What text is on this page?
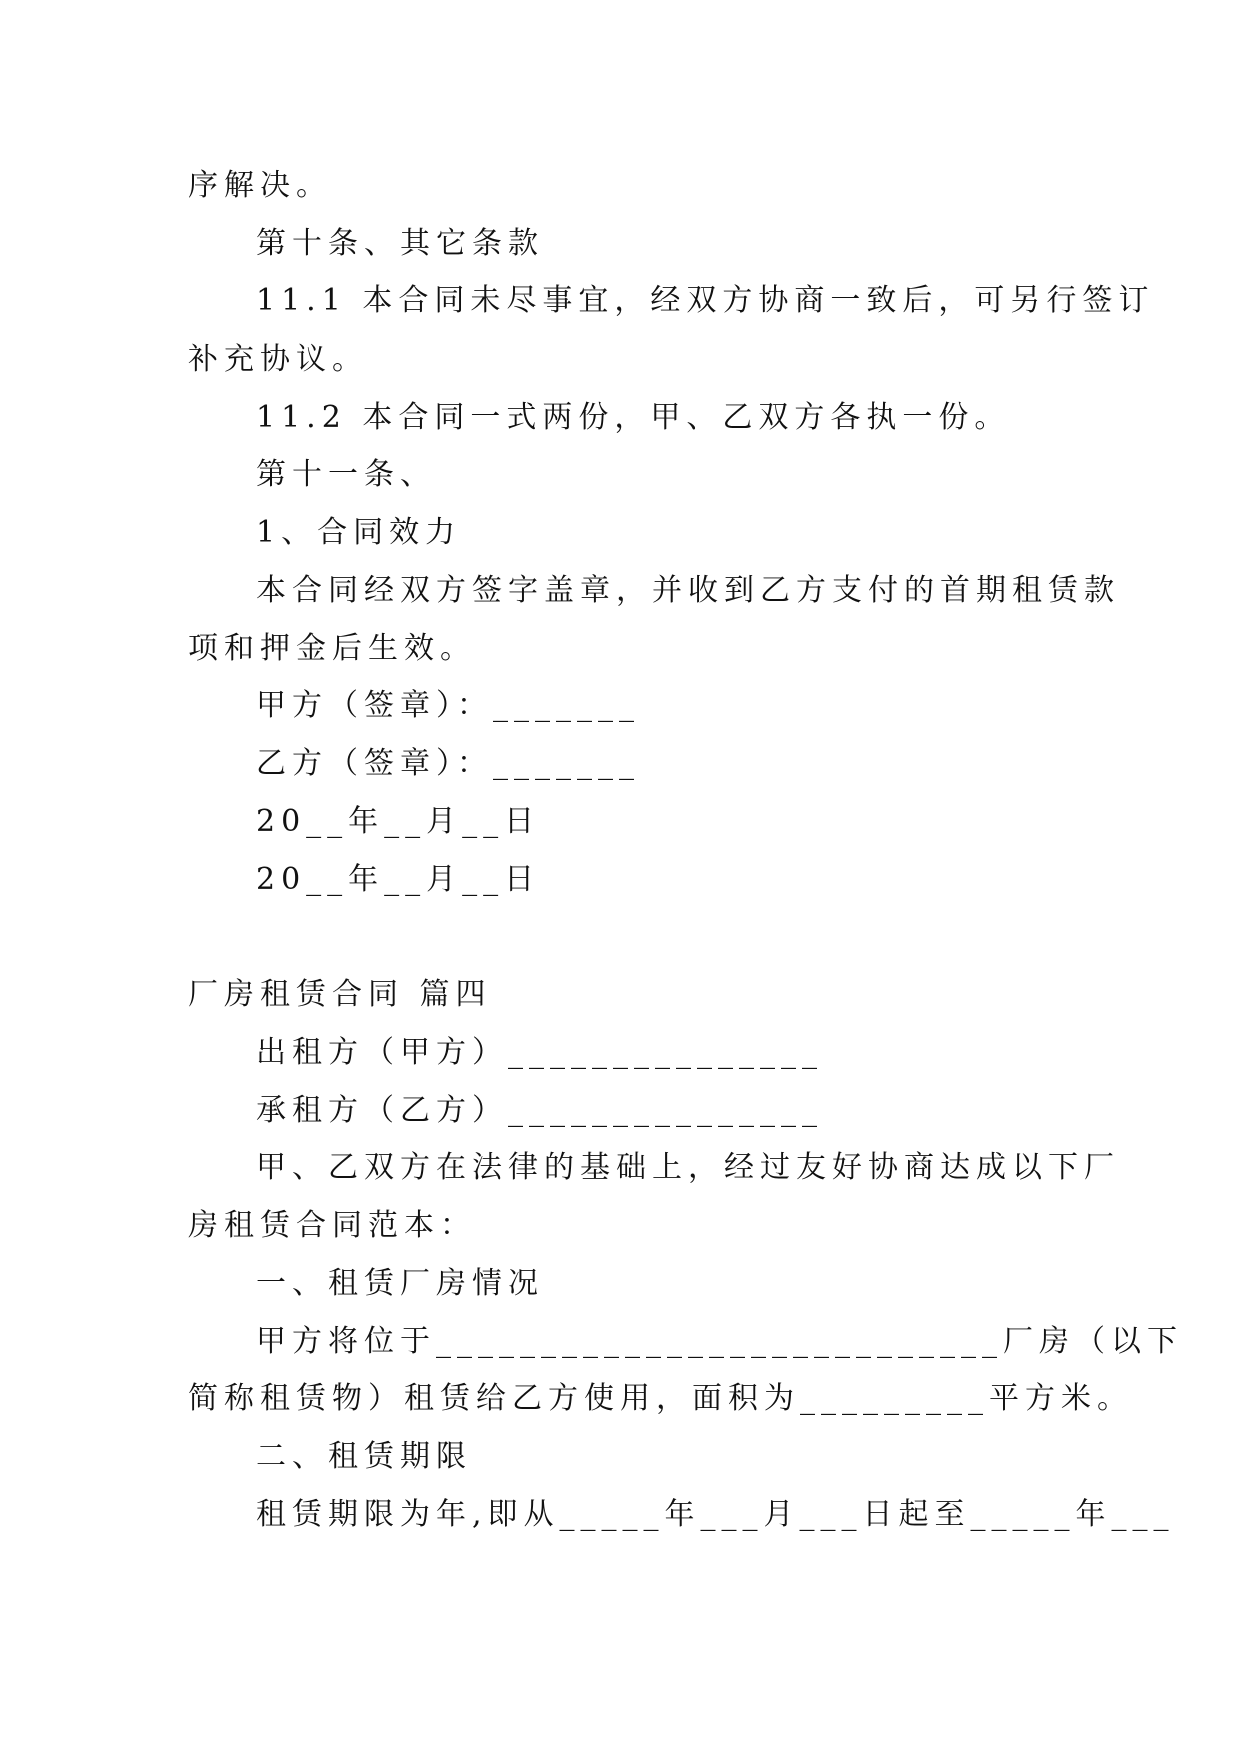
序解决。
第十条、其它条款
11.1 本合同未尽事宜，经双方协商一致后，可另行签订
补充协议。
11.2 本合同一式两份，甲、乙双方各执一份。
第十一条、
1、合同效力
本合同经双方签字盖章，并收到乙方支付的首期租赁款
项和押金后生效。
甲方（签章）：_______
乙方（签章）：_______
20__年__月__日
20__年__月__日
厂房租赁合同 篇四
出租方（甲方）_______________
承租方（乙方）_______________
甲、乙双方在法律的基础上，经过友好协商达成以下厂
房租赁合同范本：
一、租赁厂房情况
甲方将位于___________________________厂房（以下
简称租赁物）租赁给乙方使用，面积为_________平方米。
二、租赁期限
租赁期限为年,即从_____年___月___日起至_____年___
